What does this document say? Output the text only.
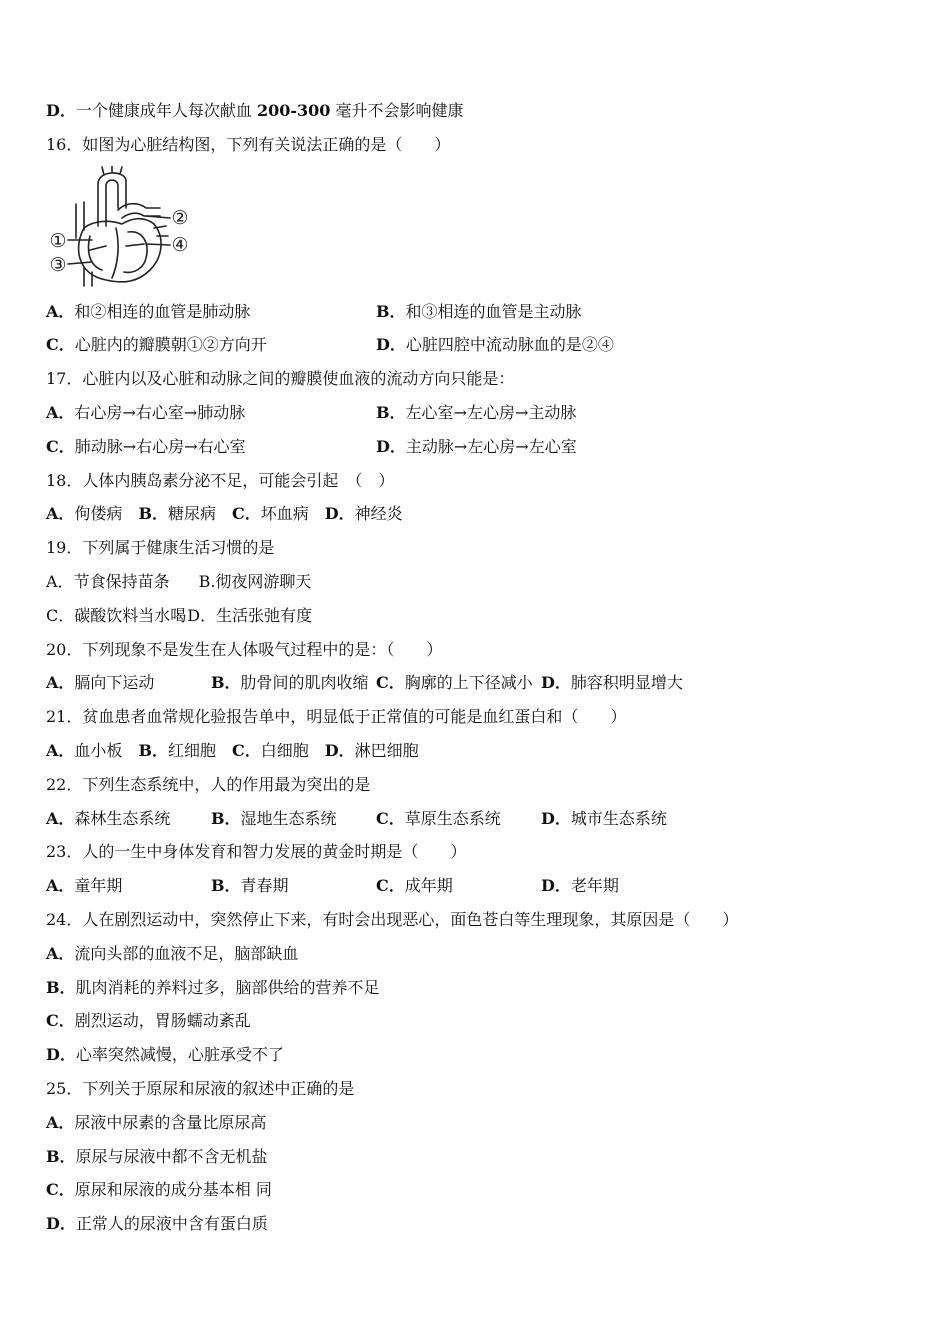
D．一个健康成年人每次献血 200-300 毫升不会影响健康
16．如图为心脏结构图，下列有关说法正确的是（　　）
①
②
③
④
A．和②相连的血管是肺动脉	B．和③相连的血管是主动脉
C．心脏内的瓣膜朝①②方向开	D．心脏四腔中流动脉血的是②④
17．心脏内以及心脏和动脉之间的瓣膜使血液的流动方向只能是：
A．右心房→右心室→肺动脉	B．左心室→左心房→主动脉
C．肺动脉→右心房→右心室	D．主动脉→左心房→左心室
18．人体内胰岛素分泌不足，可能会引起　（　）
A．佝偻病 B．糖尿病 C．坏血病 D．神经炎
19．下列属于健康生活习惯的是
A．节食保持苗条 B.彻夜网游聊天
C．碳酸饮料当水喝D．生活张弛有度
20．下列现象不是发生在人体吸气过程中的是：（　　）
A．膈向下运动	B．肋骨间的肌肉收缩 C．胸廓的上下径减小 D．肺容积明显增大
21．贫血患者血常规化验报告单中，明显低于正常值的可能是血红蛋白和（　　）
A．血小板 B．红细胞 C．白细胞 D．淋巴细胞
22．下列生态系统中，人的作用最为突出的是
A．森林生态系统	B．湿地生态系统 C．草原生态系统	D．城市生态系统
23．人的一生中身体发育和智力发展的黄金时期是（　　）
A．童年期	B．青春期	C．成年期	D．老年期
24．人在剧烈运动中，突然停止下来，有时会出现恶心，面色苍白等生理现象，其原因是（　　）
A．流向头部的血液不足，脑部缺血
B．肌肉消耗的养料过多，脑部供给的营养不足
C．剧烈运动，胃肠蠕动紊乱
D．心率突然减慢，心脏承受不了
25．下列关于原尿和尿液的叙述中正确的是
A．尿液中尿素的含量比原尿高
B．原尿与尿液中都不含无机盐
C．原尿和尿液的成分基本相 同
D．正常人的尿液中含有蛋白质
